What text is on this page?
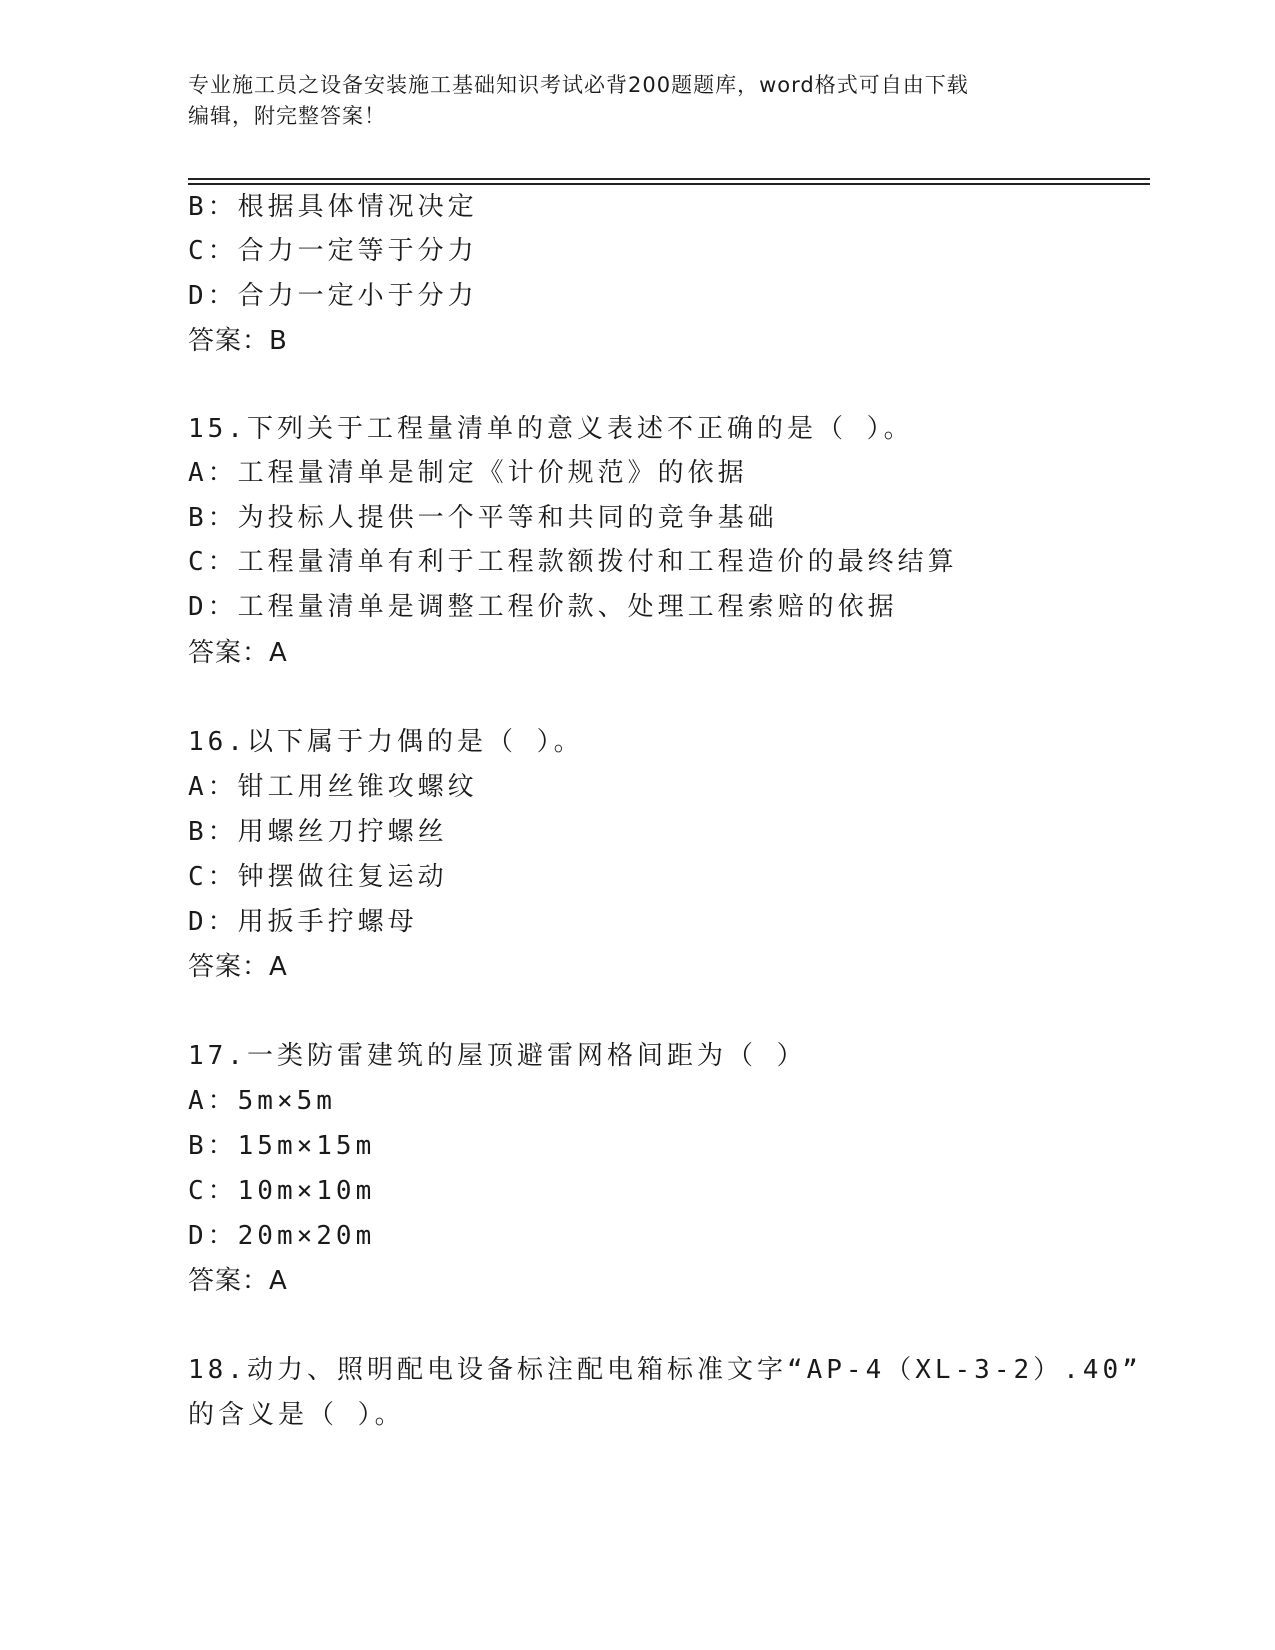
专业施工员之设备安装施工基础知识考试必背200题题库，word格式可自由下载
编辑，附完整答案！
B：根据具体情况决定
C：合力一定等于分力
D：合力一定小于分力
答案：B
15.下列关于工程量清单的意义表述不正确的是（ ）。
A：工程量清单是制定《计价规范》的依据
B：为投标人提供一个平等和共同的竞争基础
C：工程量清单有利于工程款额拨付和工程造价的最终结算
D：工程量清单是调整工程价款、处理工程索赔的依据
答案：A
16.以下属于力偶的是（ ）。
A：钳工用丝锥攻螺纹
B：用螺丝刀拧螺丝
C：钟摆做往复运动
D：用扳手拧螺母
答案：A
17.一类防雷建筑的屋顶避雷网格间距为（ ）
A：5m×5m
B：15m×15m
C：10m×10m
D：20m×20m
答案：A
18.动力、照明配电设备标注配电箱标准文字“AP-4（XL-3-2）.40”
的含义是（ ）。
